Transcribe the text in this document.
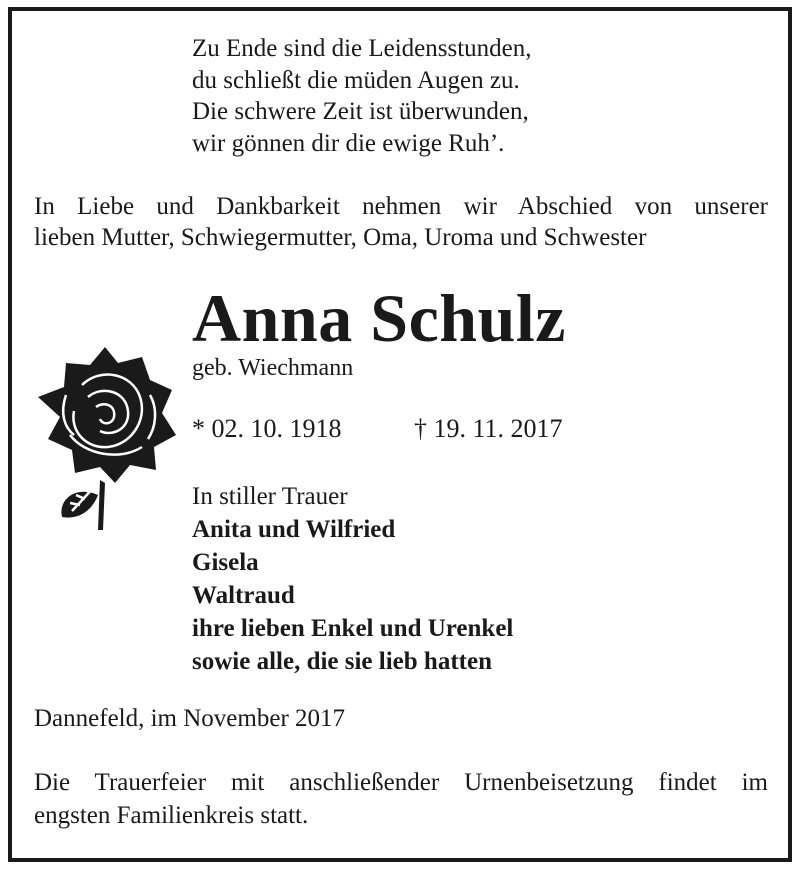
Zu Ende sind die Leidensstunden,
du schließt die müden Augen zu.
Die schwere Zeit ist überwunden,
wir gönnen dir die ewige Ruh’.
In Liebe und Dankbarkeit nehmen wir Abschied von unserer
lieben Mutter, Schwiegermutter, Oma, Uroma und Schwester
Anna Schulz
geb. Wiechmann
* 02. 10. 1918	† 19. 11. 2017
In stiller Trauer
Anita und Wilfried
Gisela
Waltraud
ihre lieben Enkel und Urenkel
sowie alle, die sie lieb hatten
Dannefeld, im November 2017
Die Trauerfeier mit anschließender Urnenbeisetzung findet im
engsten Familienkreis statt.
